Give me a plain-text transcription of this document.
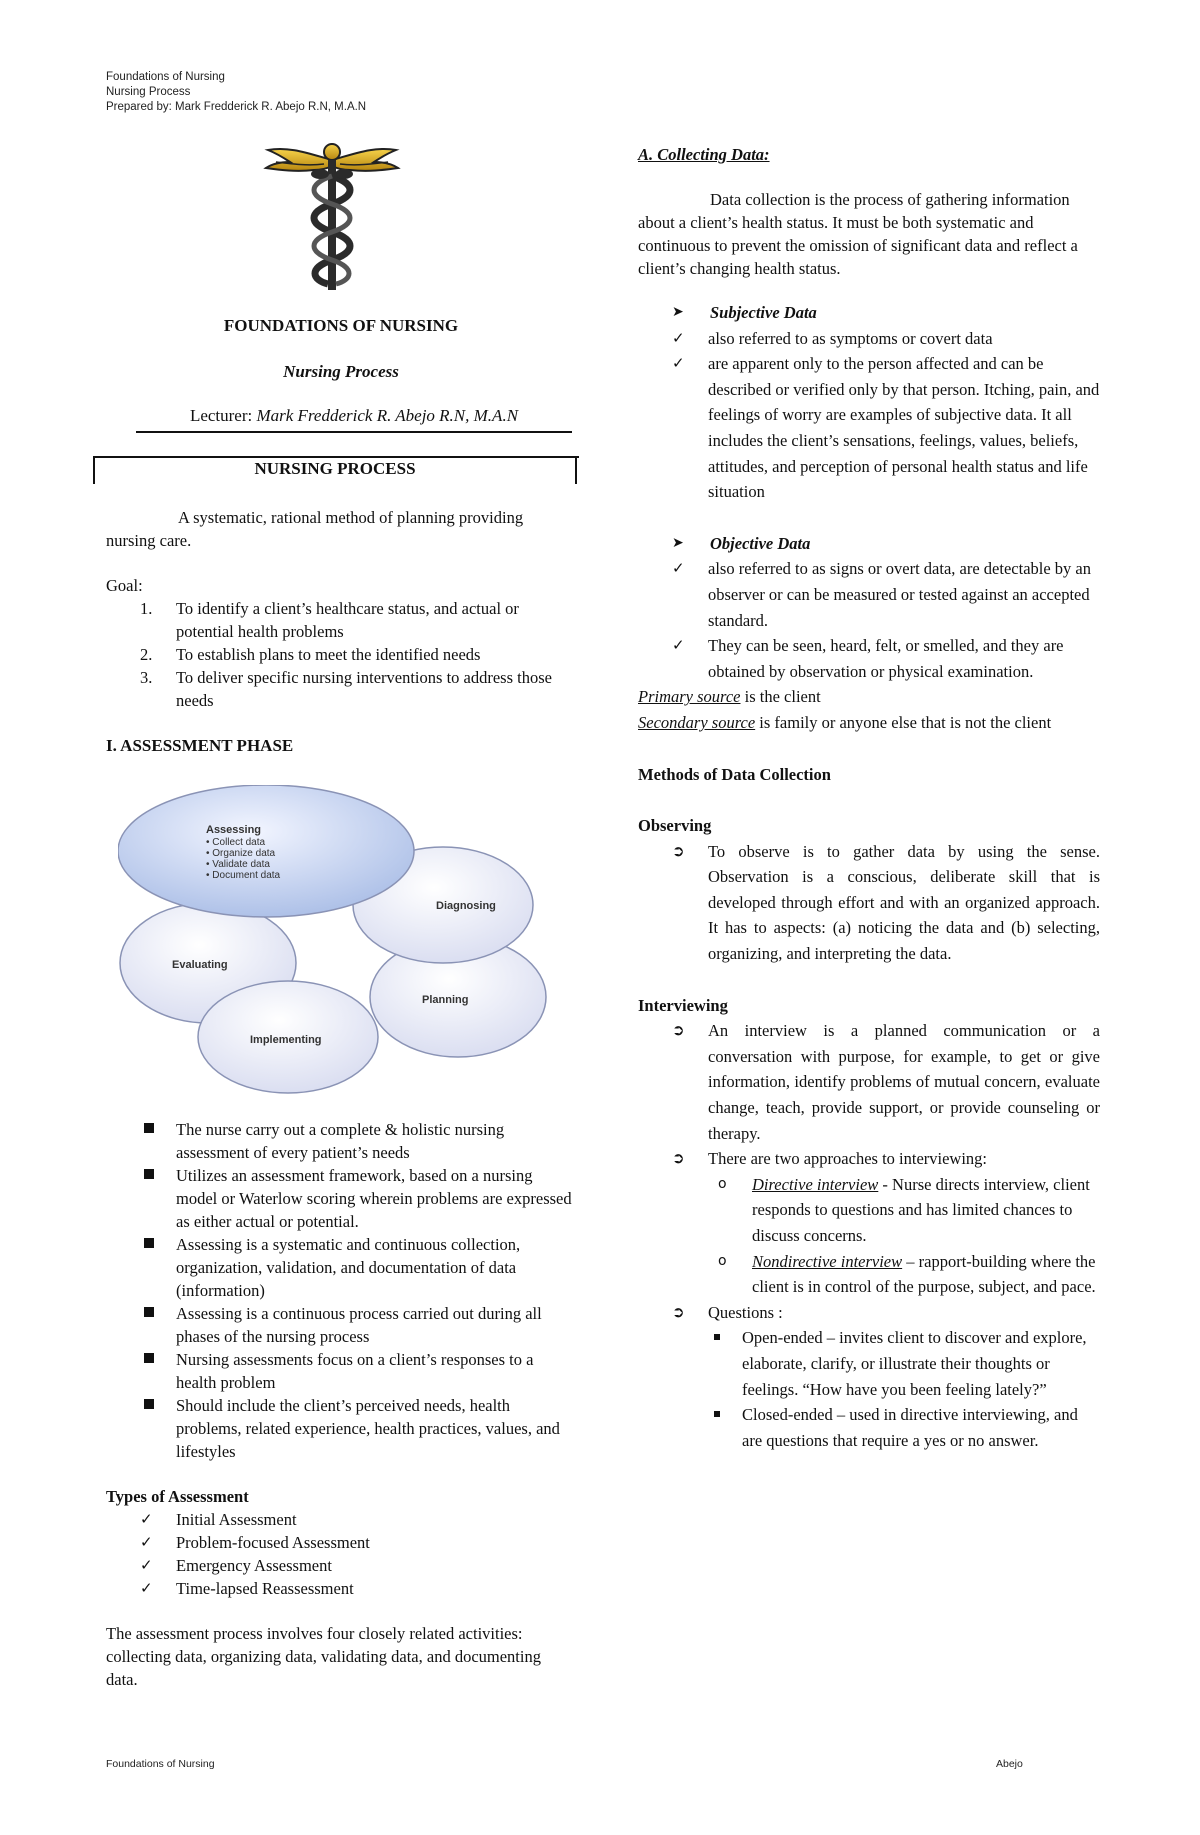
Foundations of Nursing
Nursing Process
Prepared by: Mark Fredderick R. Abejo R.N, M.A.N
FOUNDATIONS OF NURSING
Nursing Process
Lecturer: Mark Fredderick R. Abejo R.N, M.A.N
NURSING PROCESS

A systematic, rational method of planning providing nursing care.

Goal:

1. To identify a client’s healthcare status, and actual or potential health problems
2. To establish plans to meet the identified needs
3. To deliver specific nursing interventions to address those needs
I. ASSESSMENT PHASE
Assessing
• Collect data
• Organize data
• Validate data
• Document data
Diagnosing
Planning
Implementing
Evaluating
The nurse carry out a complete & holistic nursing assessment of every patient’s needs
Utilizes an assessment framework, based on a nursing model or Waterlow scoring wherein problems are expressed as either actual or potential.
Assessing is a systematic and continuous collection, organization, validation, and documentation of data (information)
Assessing is a continuous process carried out during all phases of the nursing process
Nursing assessments focus on a client’s responses to a health problem
Should include the client’s perceived needs, health problems, related experience, health practices, values, and lifestyles

Types of Assessment

✓ Initial Assessment
✓ Problem-focused Assessment
✓ Emergency Assessment
✓ Time-lapsed Reassessment

The assessment process involves four closely related activities: collecting data, organizing data, validating data, and documenting data.

A. Collecting Data:

Data collection is the process of gathering information about a client’s health status. It must be both systematic and continuous to prevent the omission of significant data and reflect a client’s changing health status.

➤ Subjective Data
✓ also referred to as symptoms or covert data
✓ are apparent only to the person affected and can be described or verified only by that person. Itching, pain, and feelings of worry are examples of subjective data. It all includes the client’s sensations, feelings, values, beliefs, attitudes, and perception of personal health status and life situation
➤ Objective Data
✓ also referred to as signs or overt data, are detectable by an observer or can be measured or tested against an accepted standard.
✓ They can be seen, heard, felt, or smelled, and they are obtained by observation or physical examination.

Primary source is the client

Secondary source is family or anyone else that is not the client

Methods of Data Collection

Observing

➲ To observe is to gather data by using the sense. Observation is a conscious, deliberate skill that is developed through effort and with an organized approach. It has to aspects: (a) noticing the data and (b) selecting, organizing, and interpreting the data.

Interviewing

➲ An interview is a planned communication or a conversation with purpose, for example, to get or give information, identify problems of mutual concern, evaluate change, teach, provide support, or provide counseling or therapy.
➲ There are two approaches to interviewing:
o Directive interview - Nurse directs interview, client responds to questions and has limited chances to discuss concerns.
o Nondirective interview – rapport-building where the client is in control of the purpose, subject, and pace.
➲ Questions :
Open-ended – invites client to discover and explore, elaborate, clarify, or illustrate their thoughts or feelings. “How have you been feeling lately?”
Closed-ended – used in directive interviewing, and are questions that require a yes or no answer.
Foundations of Nursing	Abejo
